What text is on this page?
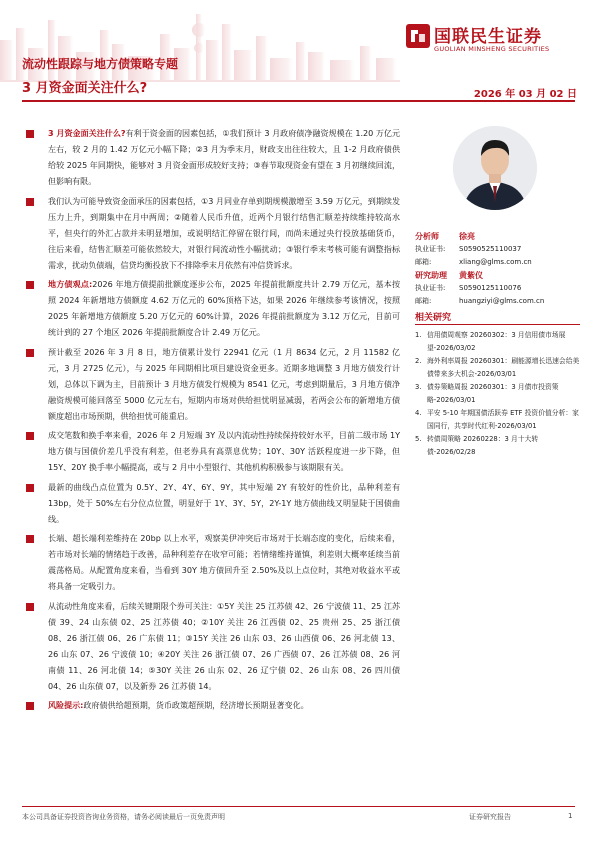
国联民生证券
GUOLIAN MINSHENG SECURITIES
流动性跟踪与地方债策略专题
3 月资金面关注什么?	2026 年 03 月 02 日
3 月资金面关注什么?有利于资金面的因素包括，①我们预计 3 月政府债净融资规模在 1.20 万亿元左右，较 2 月的 1.42 万亿元小幅下降；②3 月为季末月，财政支出往往较大，且 1-2 月政府债供给较 2025 年同期快，能够对 3 月资金面形成较好支持；③春节取现资金有望在 3 月初继续回流，但影响有限。
我们认为可能导致资金面承压的因素包括，①3 月同业存单到期规模激增至 3.59 万亿元，到期续发压力上升，到期集中在月中两周；②随着人民币升值，近两个月银行结售汇顺差持续维持较高水平，但央行的外汇占款并未明显增加，或说明结汇停留在银行间，而尚未通过央行投放基础货币，往后来看，结售汇顺差可能依然较大，对银行间流动性小幅扰动；③银行季末考核可能有调整指标需求，扰动负债端，信贷均衡投放下不排除季末月依然有冲信贷诉求。
地方债观点:2026 年地方债提前批额度逐步公布，2025 年提前批额度共计 2.79 万亿元，基本按照 2024 年新增地方债额度 4.62 万亿元的 60%顶格下达，如果 2026 年继续参考该情况，按照 2025 年新增地方债额度 5.20 万亿元的 60%计算，2026 年提前批额度为 3.12 万亿元，目前可统计到的 27 个地区 2026 年提前批额度合计 2.49 万亿元。
预计截至 2026 年 3 月 8 日，地方债累计发行 22941 亿元（1 月 8634 亿元，2 月 11582 亿元，3 月 2725 亿元），与 2025 年同期相比项目建设资金更多。近期多地调整 3 月地方债发行计划，总体以下调为主，目前预计 3 月地方债发行规模为 8541 亿元，考虑到期量后，3 月地方债净融资规模可能回落至 5000 亿元左右，短期内市场对供给担忧明显减弱，若两会公布的新增地方债额度超出市场预期，供给担忧可能重启。
成交笔数和换手率来看，2026 年 2 月短端 3Y 及以内流动性持续保持较好水平，目前二级市场 1Y 地方债与国债价差几乎没有利差，但老券具有高票息优势；10Y、30Y 活跃程度进一步下降，但 15Y、20Y 换手率小幅提高，或与 2 月中小型银行、其他机构积极参与该期限有关。
最新的曲线凸点位置为 0.5Y、2Y、4Y、6Y、9Y，其中短端 2Y 有较好的性价比，品种利差有 13bp，处于 50%左右分位点位置，明显好于 1Y、3Y、5Y，2Y-1Y 地方债曲线又明显陡于国债曲线。
长端、超长端利差维持在 20bp 以上水平，观察美伊冲突后市场对于长端态度的变化，后续来看，若市场对长端的情绪趋于改善，品种利差存在收窄可能；若情绪维持谨慎，利差则大概率延续当前震荡格局。从配置角度来看，当看到 30Y 地方债回升至 2.50%及以上点位时，其绝对收益水平或将具备一定吸引力。
从流动性角度来看，后续关键期限个券可关注：①5Y 关注 25 江苏债 42、26 宁波债 11、25 江苏债 39、24 山东债 02、25 江苏债 40；②10Y 关注 26 江西债 02、25 贵州 25、25 浙江债 08、26 浙江债 06、26 广东债 11；③15Y 关注 26 山东 03、26 山西债 06、26 河北债 13、26 山东 07、26 宁波债 10；④20Y 关注 26 浙江债 07、26 广西债 07、26 江苏债 08、26 河南债 11、26 河北债 14；⑤30Y 关注 26 山东 02、26 辽宁债 02、26 山东 08、26 四川债 04、26 山东债 07，以及新券 26 江苏债 14。
风险提示:政府债供给超预期，货币政策超预期，经济增长预期显著变化。
分析师	徐亮
执业证书: S0590525110037
邮箱:	xliang@glms.com.cn
研究助理 黄紫仪
执业证书: S0590125110076
邮箱:	huangziyi@glms.com.cn
相关研究
1. 信用债周观察 20260302：3 月信用债市场展望-2026/03/02
2. 海外利率周报 20260301：刷能源增长迅速会给美债带来多大机会-2026/03/01
3. 债券策略周报 20260301：3 月债市投资策略-2026/03/01
4. 平安 5-10 年期国债活跃券 ETF 投资价值分析：家国同行，共享时代红利-2026/03/01
5. 转债周策略 20260228：3 月十大转债-2026/02/28
本公司具备证券投资咨询业务资格，请务必阅读最后一页免责声明	证券研究报告	1
